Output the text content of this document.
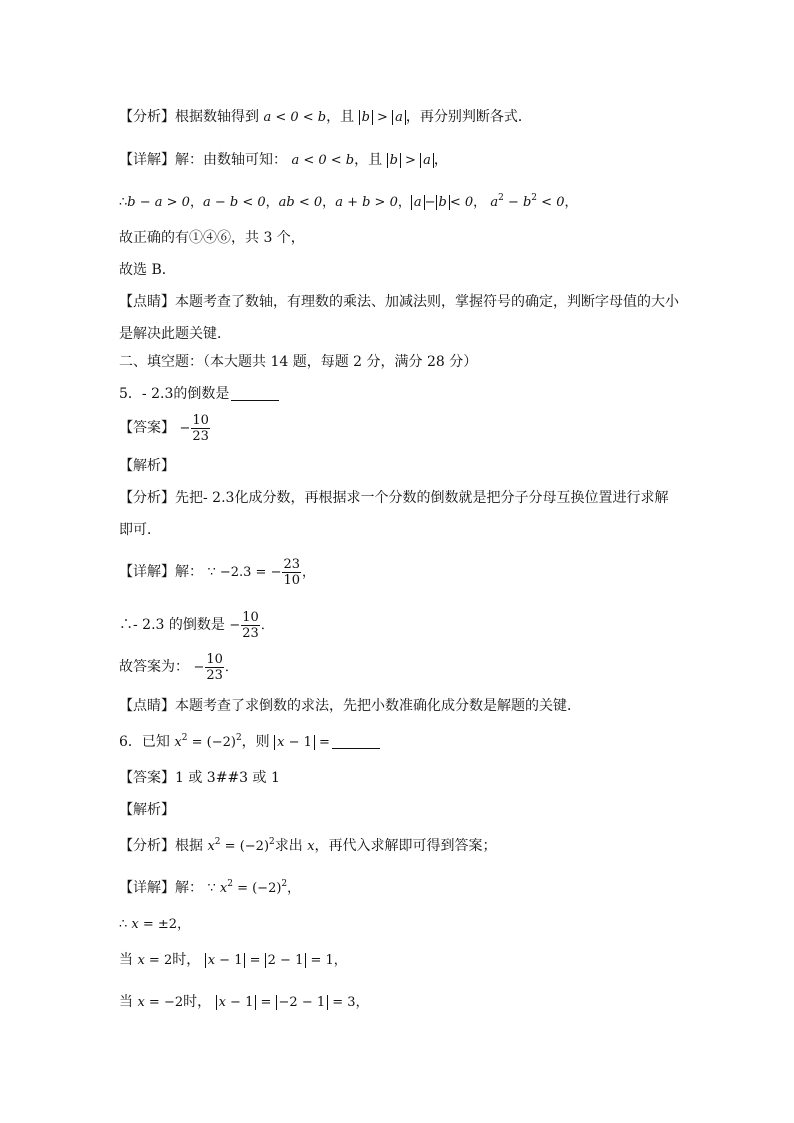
【分析】根据数轴得到 a < 0 < b，且 b > a ，再分别判断各式．
【详解】解：由数轴可知： a < 0 < b，且 b > a ，
∴b − a > 0，a − b < 0，ab < 0，a + b > 0， a − b < 0， $a^2 - b^2 < 0$，
故正确的有①④⑥，共 3 个，
故选 B．
【点睛】本题考查了数轴，有理数的乘法、加减法则，掌握符号的确定，判断字母值的大小
是解决此题关键．
二、填空题：（本大题共 14 题，每题 2 分，满分 28 分）
5．- 2.3的倒数是
【答案】 − $\frac{10}{23}$
【解析】
【分析】先把- 2.3化成分数，再根据求一个分数的倒数就是把分子分母互换位置进行求解
即可．
【详解】解： ∵ −2.3 = − $\frac{23}{10}$ ，
∴- 2.3 的倒数是 − $\frac{10}{23}$ ．
故答案为： − $\frac{10}{23}$ ．
【点睛】本题考查了求倒数的求法，先把小数准确化成分数是解题的关键．
6．已知 $x^2 = (-2)^2$，则 x − 1 =
【答案】1 或 3##3 或 1
【解析】
【分析】根据 $x^2 = (-2)^2$求出 x，再代入求解即可得到答案；
【详解】解： ∵ $x^2 = (-2)^2$，
∴ x = ±2，
当 x = 2时， x − 1 = 2 − 1 = 1，
当 x = −2时， x − 1 = −2 − 1 = 3，
